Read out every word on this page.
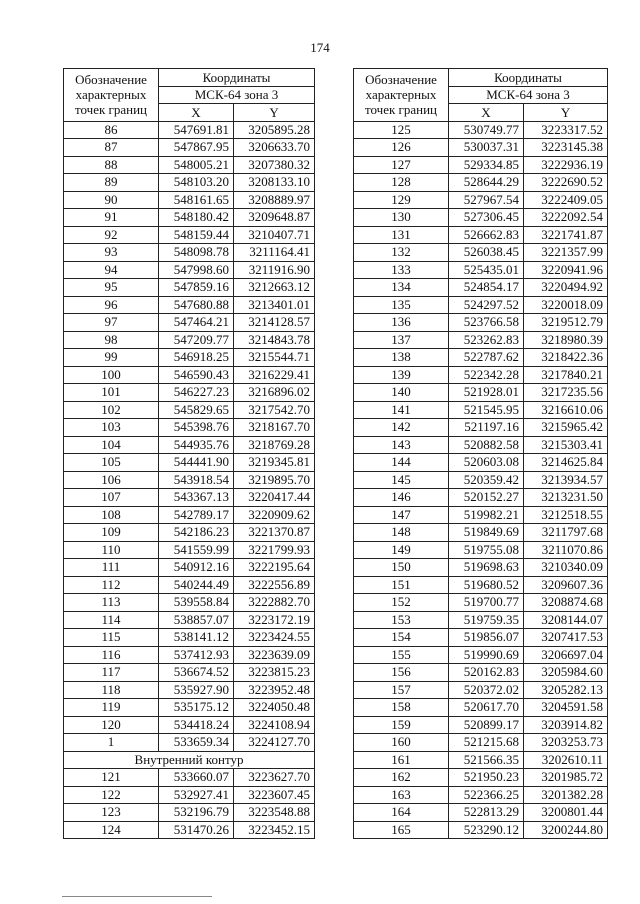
174
Обозначение характерных точек границ	Координаты	
	МСК-64 зона 3	
	X	Y
86	547691.81	3205895.28
87	547867.95	3206633.70
88	548005.21	3207380.32
89	548103.20	3208133.10
90	548161.65	3208889.97
91	548180.42	3209648.87
92	548159.44	3210407.71
93	548098.78	3211164.41
94	547998.60	3211916.90
95	547859.16	3212663.12
96	547680.88	3213401.01
97	547464.21	3214128.57
98	547209.77	3214843.78
99	546918.25	3215544.71
100	546590.43	3216229.41
101	546227.23	3216896.02
102	545829.65	3217542.70
103	545398.76	3218167.70
104	544935.76	3218769.28
105	544441.90	3219345.81
106	543918.54	3219895.70
107	543367.13	3220417.44
108	542789.17	3220909.62
109	542186.23	3221370.87
110	541559.99	3221799.93
111	540912.16	3222195.64
112	540244.49	3222556.89
113	539558.84	3222882.70
114	538857.07	3223172.19
115	538141.12	3223424.55
116	537412.93	3223639.09
117	536674.52	3223815.23
118	535927.90	3223952.48
119	535175.12	3224050.48
120	534418.24	3224108.94
1	533659.34	3224127.70
Внутренний контур		
121	533660.07	3223627.70
122	532927.41	3223607.45
123	532196.79	3223548.88
124	531470.26	3223452.15
Обозначение характерных точек границ	Координаты	
	МСК-64 зона 3	
	X	Y
125	530749.77	3223317.52
126	530037.31	3223145.38
127	529334.85	3222936.19
128	528644.29	3222690.52
129	527967.54	3222409.05
130	527306.45	3222092.54
131	526662.83	3221741.87
132	526038.45	3221357.99
133	525435.01	3220941.96
134	524854.17	3220494.92
135	524297.52	3220018.09
136	523766.58	3219512.79
137	523262.83	3218980.39
138	522787.62	3218422.36
139	522342.28	3217840.21
140	521928.01	3217235.56
141	521545.95	3216610.06
142	521197.16	3215965.42
143	520882.58	3215303.41
144	520603.08	3214625.84
145	520359.42	3213934.57
146	520152.27	3213231.50
147	519982.21	3212518.55
148	519849.69	3211797.68
149	519755.08	3211070.86
150	519698.63	3210340.09
151	519680.52	3209607.36
152	519700.77	3208874.68
153	519759.35	3208144.07
154	519856.07	3207417.53
155	519990.69	3206697.04
156	520162.83	3205984.60
157	520372.02	3205282.13
158	520617.70	3204591.58
159	520899.17	3203914.82
160	521215.68	3203253.73
161	521566.35	3202610.11
162	521950.23	3201985.72
163	522366.25	3201382.28
164	522813.29	3200801.44
165	523290.12	3200244.80
